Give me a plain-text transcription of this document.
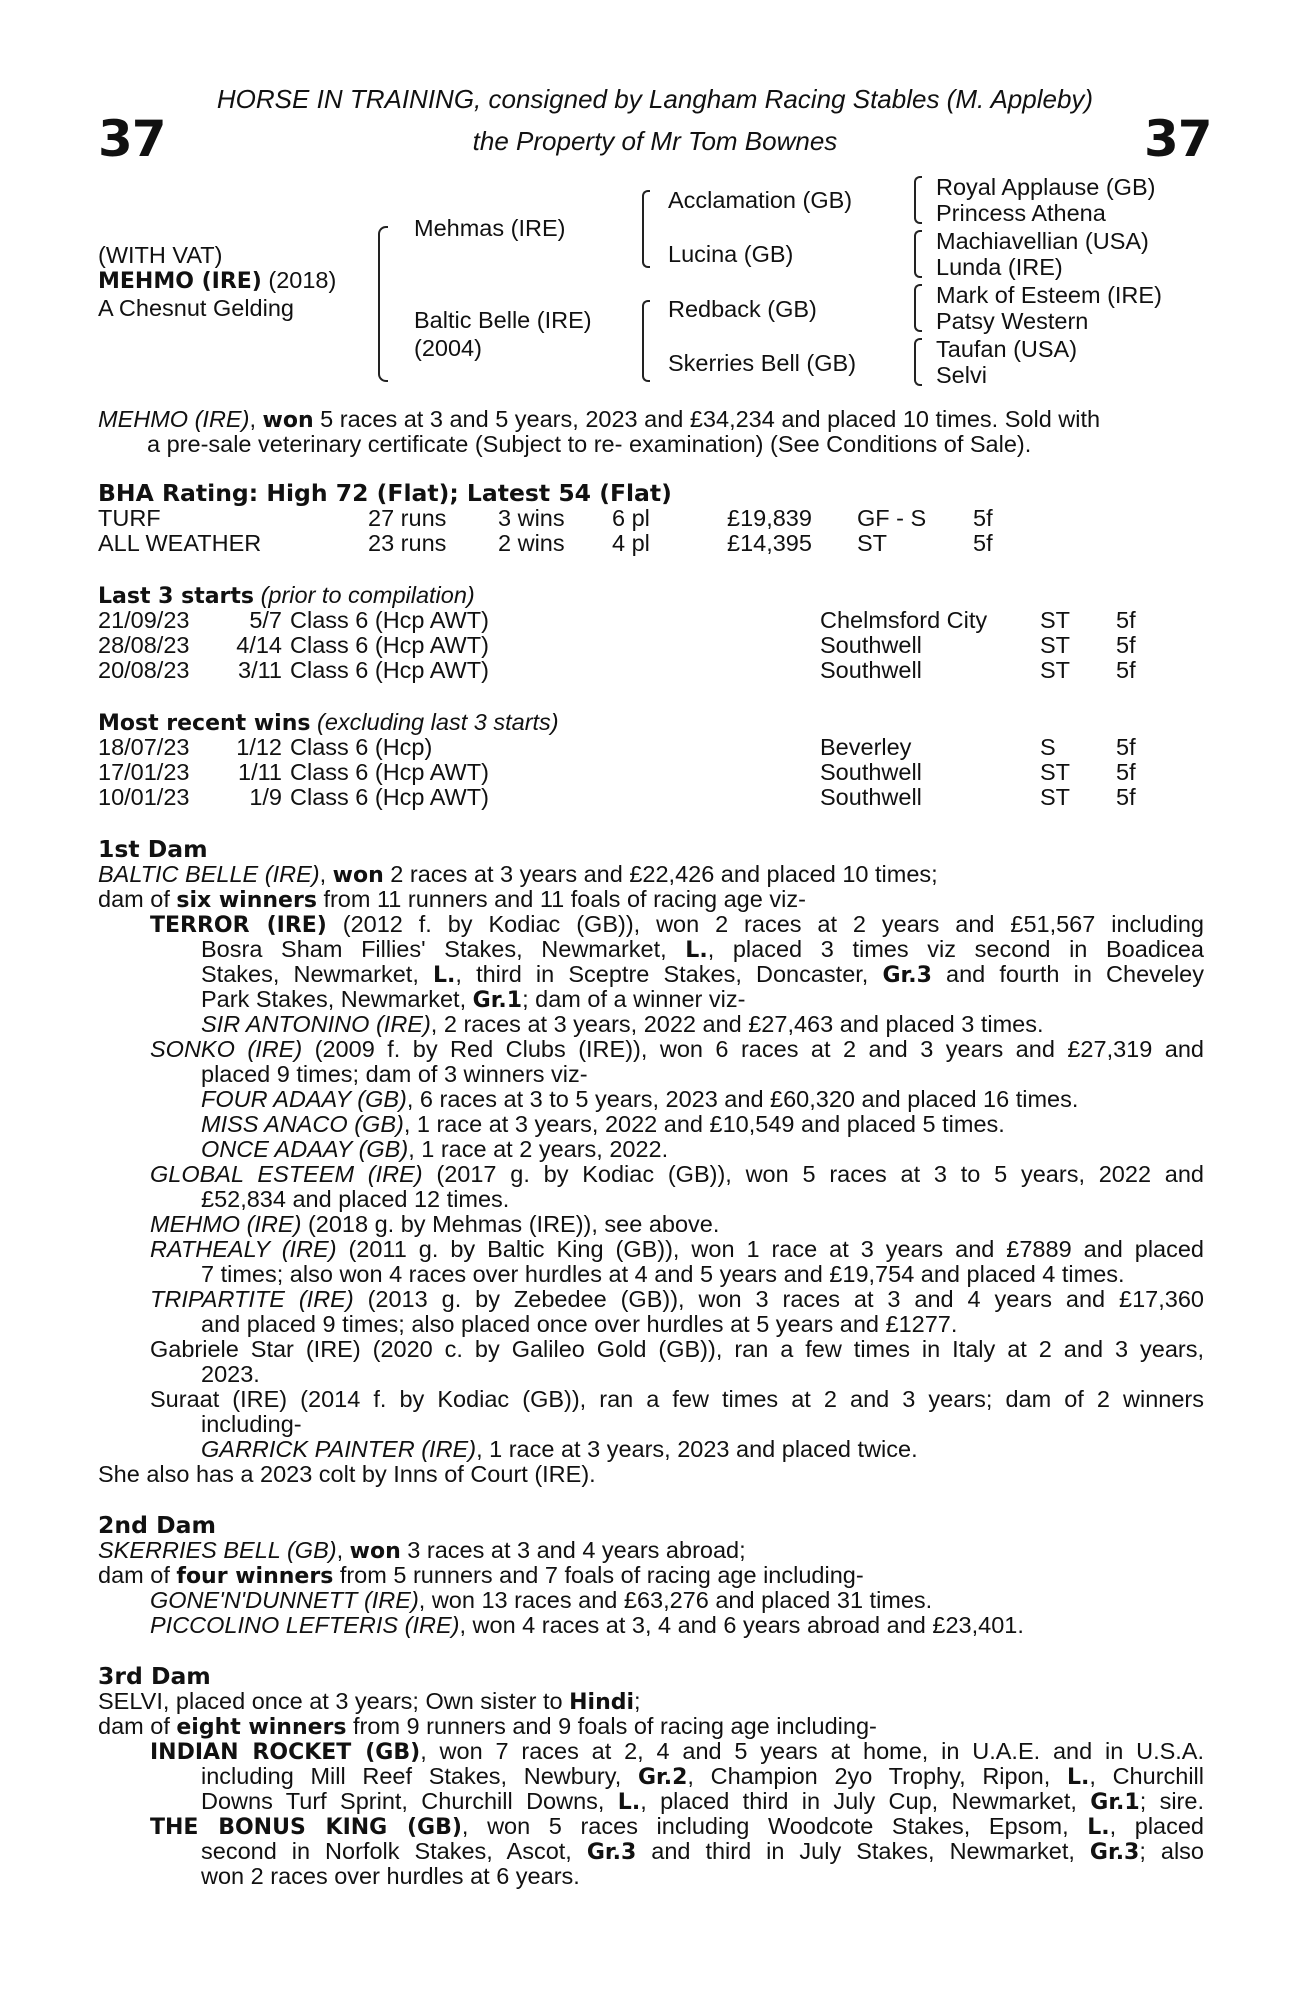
37	37
HORSE IN TRAINING, consigned by Langham Racing Stables (M. Appleby)
the Property of Mr Tom Bownes
(WITH VAT)
MEHMO (IRE) (2018)
A Chesnut Gelding
Mehmas (IRE)
Baltic Belle (IRE)
(2004)
Acclamation (GB)
Lucina (GB)
Redback (GB)
Skerries Bell (GB)
Royal Applause (GB)
Princess Athena
Machiavellian (USA)
Lunda (IRE)
Mark of Esteem (IRE)
Patsy Western
Taufan (USA)
Selvi
MEHMO (IRE), won 5 races at 3 and 5 years, 2023 and £34,234 and placed 10 times. Sold with
a pre-sale veterinary certificate (Subject to re- examination) (See Conditions of Sale).
BHA Rating: High 72 (Flat); Latest 54 (Flat)
TURF	27 runs 3 wins 6 pl	£19,839 GF - S 5f
ALL WEATHER	23 runs 2 wins 4 pl	£14,395 ST	5f
Last 3 starts (prior to compilation)
21/09/23	5/7 Class 6 (Hcp AWT)	Chelmsford City ST 5f
28/08/23	4/14 Class 6 (Hcp AWT)	Southwell	ST 5f
20/08/23	3/11 Class 6 (Hcp AWT)	Southwell	ST 5f
Most recent wins (excluding last 3 starts)
18/07/23	1/12 Class 6 (Hcp)	Beverley	S	5f
17/01/23	1/11 Class 6 (Hcp AWT)	Southwell	ST 5f
10/01/23	1/9 Class 6 (Hcp AWT)	Southwell	ST 5f
1st Dam
BALTIC BELLE (IRE), won 2 races at 3 years and £22,426 and placed 10 times;
dam of six winners from 11 runners and 11 foals of racing age viz-
TERROR (IRE) (2012 f. by Kodiac (GB)), won 2 races at 2 years and £51,567 including
Bosra Sham Fillies' Stakes, Newmarket, L., placed 3 times viz second in Boadicea
Stakes, Newmarket, L., third in Sceptre Stakes, Doncaster, Gr.3 and fourth in Cheveley
Park Stakes, Newmarket, Gr.1; dam of a winner viz-
SIR ANTONINO (IRE), 2 races at 3 years, 2022 and £27,463 and placed 3 times.
SONKO (IRE) (2009 f. by Red Clubs (IRE)), won 6 races at 2 and 3 years and £27,319 and
placed 9 times; dam of 3 winners viz-
FOUR ADAAY (GB), 6 races at 3 to 5 years, 2023 and £60,320 and placed 16 times.
MISS ANACO (GB), 1 race at 3 years, 2022 and £10,549 and placed 5 times.
ONCE ADAAY (GB), 1 race at 2 years, 2022.
GLOBAL ESTEEM (IRE) (2017 g. by Kodiac (GB)), won 5 races at 3 to 5 years, 2022 and
£52,834 and placed 12 times.
MEHMO (IRE) (2018 g. by Mehmas (IRE)), see above.
RATHEALY (IRE) (2011 g. by Baltic King (GB)), won 1 race at 3 years and £7889 and placed
7 times; also won 4 races over hurdles at 4 and 5 years and £19,754 and placed 4 times.
TRIPARTITE (IRE) (2013 g. by Zebedee (GB)), won 3 races at 3 and 4 years and £17,360
and placed 9 times; also placed once over hurdles at 5 years and £1277.
Gabriele Star (IRE) (2020 c. by Galileo Gold (GB)), ran a few times in Italy at 2 and 3 years,
2023.
Suraat (IRE) (2014 f. by Kodiac (GB)), ran a few times at 2 and 3 years; dam of 2 winners
including-
GARRICK PAINTER (IRE), 1 race at 3 years, 2023 and placed twice.
She also has a 2023 colt by Inns of Court (IRE).
2nd Dam
SKERRIES BELL (GB), won 3 races at 3 and 4 years abroad;
dam of four winners from 5 runners and 7 foals of racing age including-
GONE'N'DUNNETT (IRE), won 13 races and £63,276 and placed 31 times.
PICCOLINO LEFTERIS (IRE), won 4 races at 3, 4 and 6 years abroad and £23,401.
3rd Dam
SELVI, placed once at 3 years; Own sister to Hindi;
dam of eight winners from 9 runners and 9 foals of racing age including-
INDIAN ROCKET (GB), won 7 races at 2, 4 and 5 years at home, in U.A.E. and in U.S.A.
including Mill Reef Stakes, Newbury, Gr.2, Champion 2yo Trophy, Ripon, L., Churchill
Downs Turf Sprint, Churchill Downs, L., placed third in July Cup, Newmarket, Gr.1; sire.
THE BONUS KING (GB), won 5 races including Woodcote Stakes, Epsom, L., placed
second in Norfolk Stakes, Ascot, Gr.3 and third in July Stakes, Newmarket, Gr.3; also
won 2 races over hurdles at 6 years.
